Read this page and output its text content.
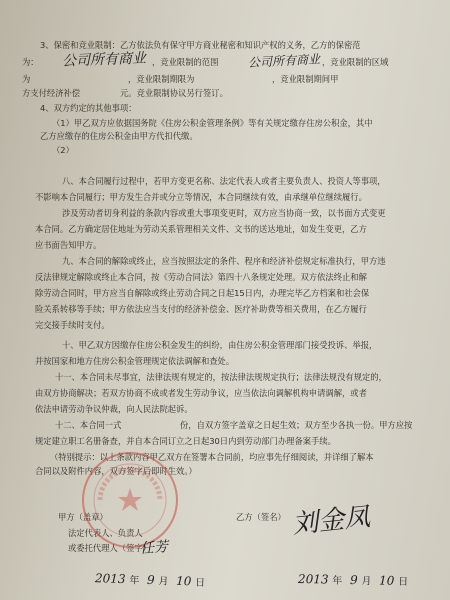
3、保密和竞业限制：乙方依法负有保守甲方商业秘密和知识产权的义务，乙方的保密范
为：	，竞业限制的范围	，竞业限制的区域
为	，竞业限制期限为	，竞业限制期间甲
方支付经济补偿	元。竞业限制协议另行签订。
4、双方约定的其他事项：
（1）甲乙双方应依据国务院《住房公积金管理条例》等有关规定缴存住房公积金，其中
乙方应缴存的住房公积金由甲方代扣代缴。
（2）
八、本合同履行过程中，若甲方变更名称、法定代表人或者主要负责人、投资人等事项，
不影响本合同履行；甲方发生合并或分立等情况，本合同继续有效，由承继单位继续履行。
涉及劳动者切身利益的条款内容或重大事项变更时，双方应当协商一致，以书面方式变更
本合同。乙方确定居住地址为劳动关系管理相关文件、文书的送达地址，如发生变更，乙方
应书面告知甲方。
九、本合同的解除或终止，应当按照法定的条件、程序和经济补偿规定标准执行，甲方违
反法律规定解除或终止本合同，按《劳动合同法》第四十八条规定处理。双方依法终止和解
除劳动合同时，甲方应当自解除或终止劳动合同之日起15日内，办理完毕乙方档案和社会保
险关系转移等手续；甲方依法应当支付的经济补偿金、医疗补助费等相关费用，在乙方履行
完交接手续时支付。
十、甲乙双方因缴存住房公积金发生的纠纷，由住房公积金管理部门接受投诉、举报，
并按国家和地方住房公积金管理规定依法调解和查处。
十一、本合同未尽事宜，法律法规有规定的，按法律法规规定执行；法律法规没有规定的，
由双方协商解决；若双方协商不成或者发生劳动争议，应当依法向调解机构申请调解，或者
依法申请劳动争议仲裁，向人民法院起诉。
十二、本合同一式	份，自双方签字盖章之日起生效；双方至少各执一份。甲方应按
规定建立职工名册备查，并自本合同订立之日起30日内到劳动部门办理备案手续。
（特别提示：以上条款内容甲乙双方在签署本合同前，均应事先仔细阅读，并详细了解本
合同以及附件内容，双方签字后即时生效。）
甲方（盖章）	乙方（签名）
法定代表人、负责人
或委托代理人（签字）
公司所有商业	公司所有商业
任芳
刘金凤
2013 年 9 月 10 日	2013 年 9 月 10 日
